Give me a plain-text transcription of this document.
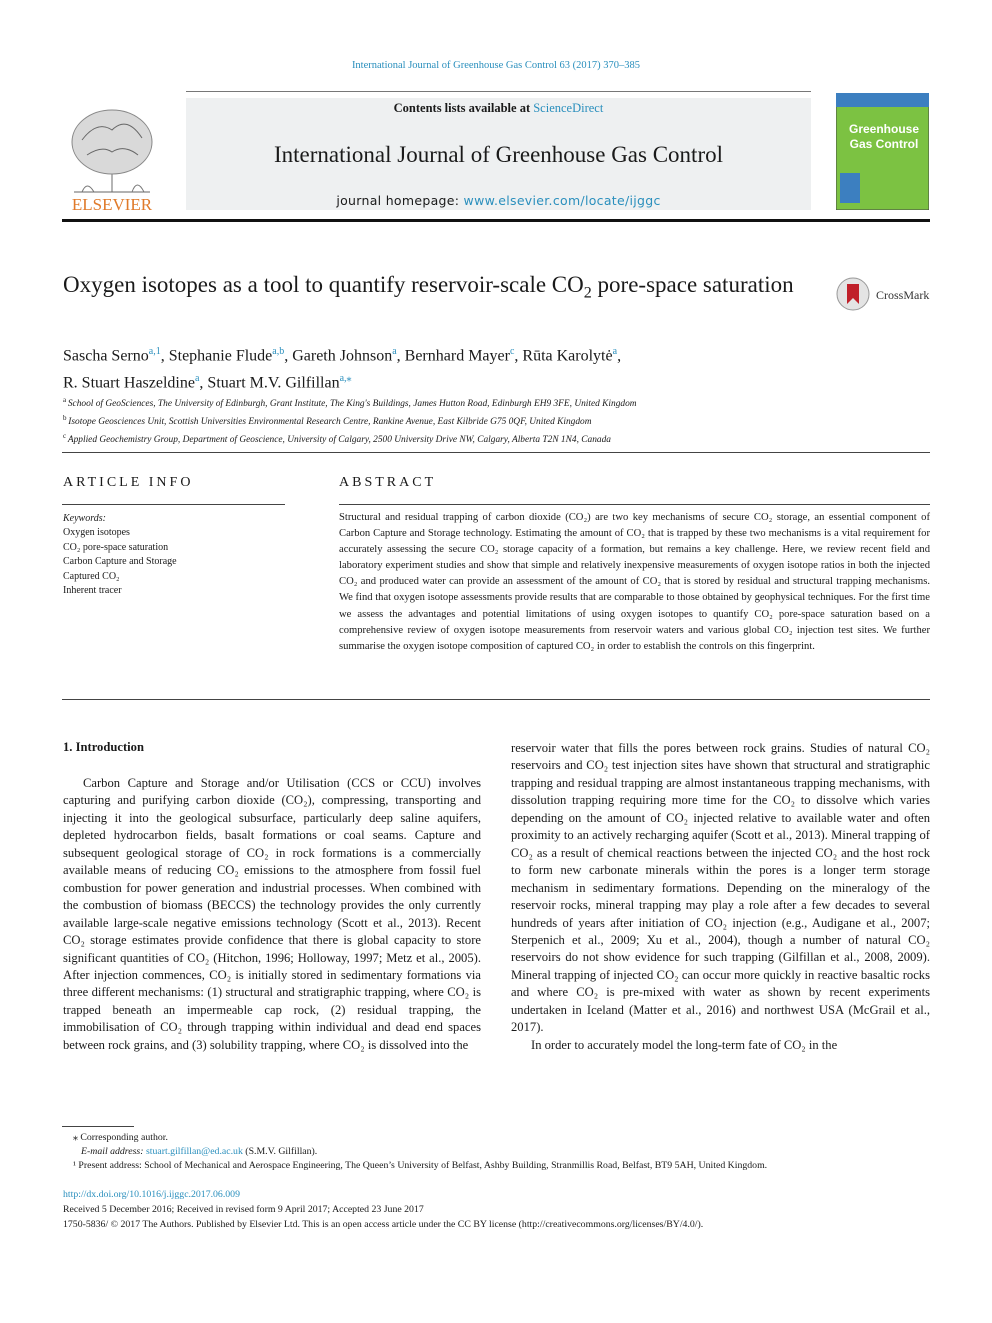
International Journal of Greenhouse Gas Control 63 (2017) 370–385
ELSEVIER
Contents lists available at ScienceDirect
International Journal of Greenhouse Gas Control
journal homepage: www.elsevier.com/locate/ijggc
Greenhouse
Gas Control
Oxygen isotopes as a tool to quantify reservoir-scale $CO_2$ pore-space saturation	CrossMark
Sascha Serno$^{a,1}$, Stephanie Flude$^{a,b}$, Gareth Johnson$^a$, Bernhard Mayer$^c$, Rūta Karolytė$^a$,
R. Stuart Haszeldine$^a$, Stuart M.V. Gilfillan$^{a,⁎}$
$^a$ School of GeoSciences, The University of Edinburgh, Grant Institute, The King's Buildings, James Hutton Road, Edinburgh EH9 3FE, United Kingdom
$^b$ Isotope Geosciences Unit, Scottish Universities Environmental Research Centre, Rankine Avenue, East Kilbride G75 0QF, United Kingdom
$^c$ Applied Geochemistry Group, Department of Geoscience, University of Calgary, 2500 University Drive NW, Calgary, Alberta T2N 1N4, Canada
ARTICLE INFO
Keywords:
Oxygen isotopes
CO₂ pore-space saturation
Carbon Capture and Storage
Captured CO₂
Inherent tracer
ABSTRACT
Structural and residual trapping of carbon dioxide (CO₂) are two key mechanisms of secure CO₂ storage, an essential component of Carbon Capture and Storage technology. Estimating the amount of CO₂ that is trapped by these two mechanisms is a vital requirement for accurately assessing the secure CO₂ storage capacity of a formation, but remains a key challenge. Here, we review recent field and laboratory experiment studies and show that simple and relatively inexpensive measurements of oxygen isotope ratios in both the injected CO₂ and produced water can provide an assessment of the amount of CO₂ that is stored by residual and structural trapping mechanisms. We find that oxygen isotope assessments provide results that are comparable to those obtained by geophysical techniques. For the first time we assess the advantages and potential limitations of using oxygen isotopes to quantify CO₂ pore-space saturation based on a comprehensive review of oxygen isotope measurements from reservoir waters and various global CO₂ injection test sites. We further summarise the oxygen isotope composition of captured CO₂ in order to establish the controls on this fingerprint.
1. Introduction

Carbon Capture and Storage and/or Utilisation (CCS or CCU) involves capturing and purifying carbon dioxide (CO₂), compressing, transporting and injecting it into the geological subsurface, particularly deep saline aquifers, depleted hydrocarbon fields, basalt formations or coal seams. Capture and subsequent geological storage of CO₂ in rock formations is a commercially available means of reducing CO₂ emissions to the atmosphere from fossil fuel combustion for power generation and industrial processes. When combined with the combustion of biomass (BECCS) the technology provides the only currently available large-scale negative emissions technology (Scott et al., 2013). Recent CO₂ storage estimates provide confidence that there is global capacity to store significant quantities of CO₂ (Hitchon, 1996; Holloway, 1997; Metz et al., 2005). After injection commences, CO₂ is initially stored in sedimentary formations via three different mechanisms: (1) structural and stratigraphic trapping, where CO₂ is trapped beneath an impermeable cap rock, (2) residual trapping, the immobilisation of CO₂ through trapping within individual and dead end spaces between rock grains, and (3) solubility trapping, where CO₂ is dissolved into the

reservoir water that fills the pores between rock grains. Studies of natural CO₂ reservoirs and CO₂ test injection sites have shown that structural and stratigraphic trapping and residual trapping are almost instantaneous trapping mechanisms, with dissolution trapping requiring more time for the CO₂ to dissolve which varies depending on the amount of CO₂ injected relative to available water and often proximity to an actively recharging aquifer (Scott et al., 2013). Mineral trapping of CO₂ as a result of chemical reactions between the injected CO₂ and the host rock to form new carbonate minerals within the pores is a longer term storage mechanism in sedimentary formations. Depending on the mineralogy of the reservoir rocks, mineral trapping may play a role after a few decades to several hundreds of years after initiation of CO₂ injection (e.g., Audigane et al., 2007; Sterpenich et al., 2009; Xu et al., 2004), though a number of natural CO₂ reservoirs do not show evidence for such trapping (Gilfillan et al., 2008, 2009). Mineral trapping of injected CO₂ can occur more quickly in reactive basaltic rocks and where CO₂ is pre-mixed with water as shown by recent experiments undertaken in Iceland (Matter et al., 2016) and northwest USA (McGrail et al., 2017).

In order to accurately model the long-term fate of CO₂ in the

⁎ Corresponding author.
E-mail address: stuart.gilfillan@ed.ac.uk (S.M.V. Gilfillan).
¹ Present address: School of Mechanical and Aerospace Engineering, The Queen’s University of Belfast, Ashby Building, Stranmillis Road, Belfast, BT9 5AH, United Kingdom.
http://dx.doi.org/10.1016/j.ijggc.2017.06.009
Received 5 December 2016; Received in revised form 9 April 2017; Accepted 23 June 2017
1750-5836/ © 2017 The Authors. Published by Elsevier Ltd. This is an open access article under the CC BY license (http://creativecommons.org/licenses/BY/4.0/).
